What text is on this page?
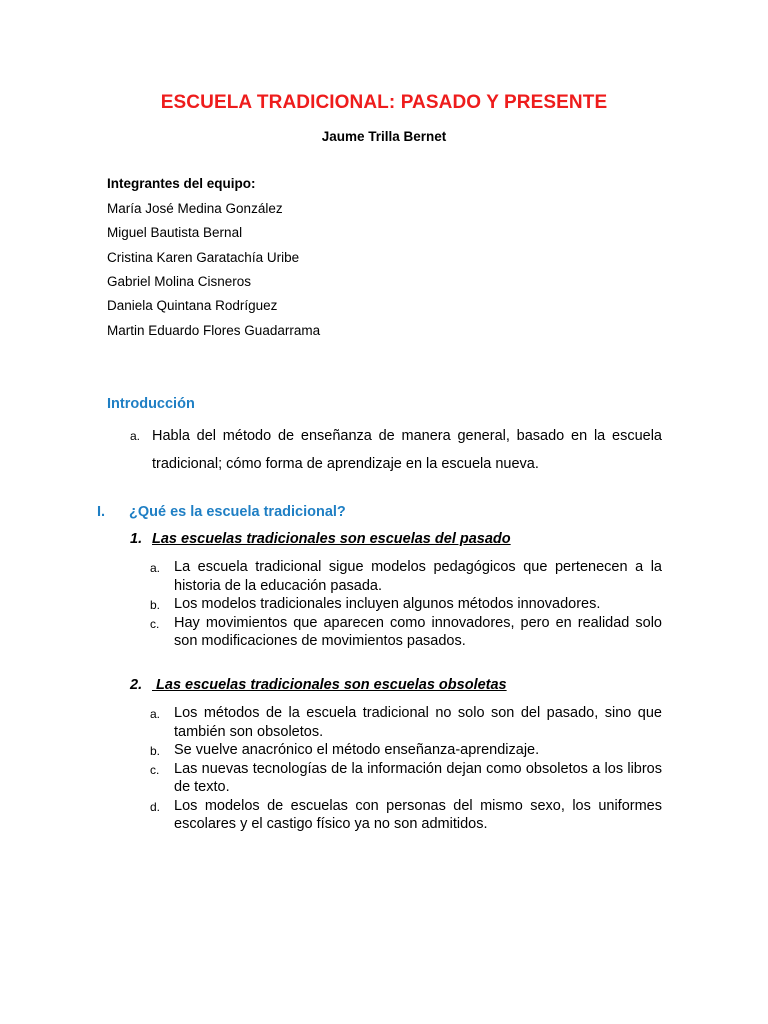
ESCUELA TRADICIONAL: PASADO Y PRESENTE
Jaume Trilla Bernet
Integrantes del equipo:
María José Medina González
Miguel Bautista Bernal
Cristina Karen Garatachía Uribe
Gabriel Molina Cisneros
Daniela Quintana Rodríguez
Martin Eduardo Flores Guadarrama
Introducción
a. Habla del método de enseñanza de manera general, basado en la escuela tradicional; cómo forma de aprendizaje en la escuela nueva.
I. ¿Qué es la escuela tradicional?
1. Las escuelas tradicionales son escuelas del pasado
a. La escuela tradicional sigue modelos pedagógicos que pertenecen a la historia de la educación pasada.
b. Los modelos tradicionales incluyen algunos métodos innovadores.
c. Hay movimientos que aparecen como innovadores, pero en realidad solo son modificaciones de movimientos pasados.
2. Las escuelas tradicionales son escuelas obsoletas
a. Los métodos de la escuela tradicional no solo son del pasado, sino que también son obsoletos.
b. Se vuelve anacrónico el método enseñanza-aprendizaje.
c. Las nuevas tecnologías de la información dejan como obsoletos a los libros de texto.
d. Los modelos de escuelas con personas del mismo sexo, los uniformes escolares y el castigo físico ya no son admitidos.
